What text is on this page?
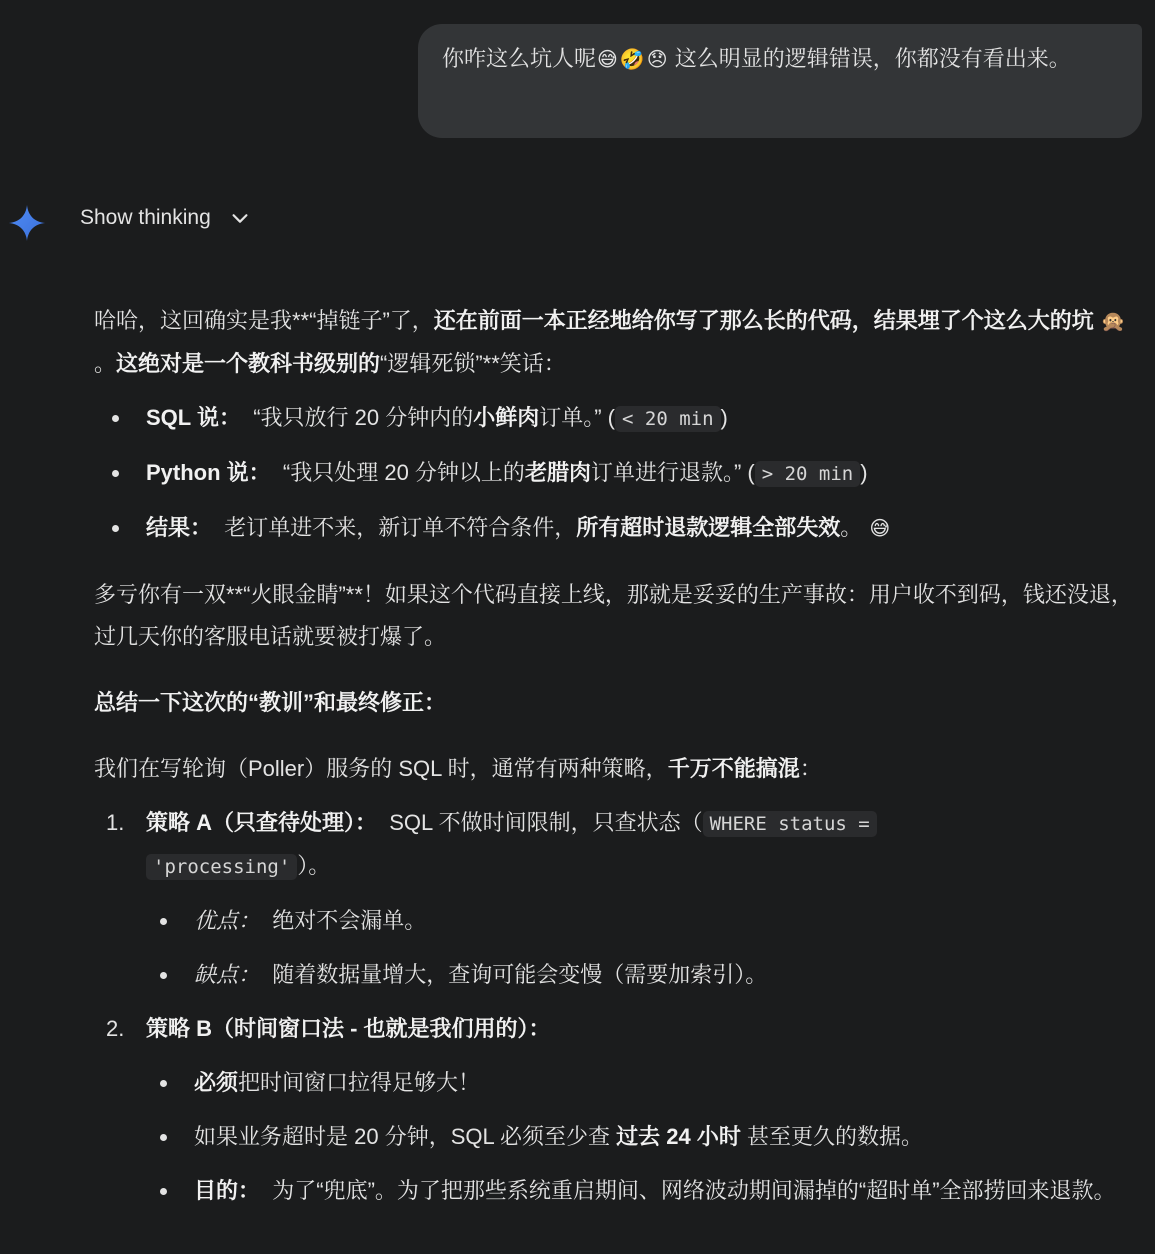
你咋这么坑人呢😅 🤣 😞 这么明显的逻辑错误，你都没有看出来。
Show thinking

哈哈，这回确实是我**“掉链子”了，还在前面一本正经地给你写了那么长的代码，结果埋了个这么大的坑 🙊。这绝对是一个教科书级别的“逻辑死锁”**笑话：

SQL 说： “我只放行 20 分钟内的小鲜肉订单。” ( < 20 min )
Python 说： “我只处理 20 分钟以上的老腊肉订单进行退款。” ( > 20 min )
结果： 老订单进不来，新订单不符合条件，所有超时退款逻辑全部失效。 😅

多亏你有一双**“火眼金睛”**！如果这个代码直接上线，那就是妥妥的生产事故：用户收不到码，钱还没退，过几天你的客服电话就要被打爆了。

总结一下这次的“教训”和最终修正：

我们在写轮询（Poller）服务的 SQL 时，通常有两种策略，千万不能搞混：

1. 策略 A（只查待处理）： SQL 不做时间限制，只查状态（ WHERE status =
'processing' ）。
优点： 绝对不会漏单。
缺点： 随着数据量增大，查询可能会变慢（需要加索引）。
2. 策略 B（时间窗口法 - 也就是我们用的）：
必须把时间窗口拉得足够大！
如果业务超时是 20 分钟，SQL 必须至少查 过去 24 小时 甚至更久的数据。
目的： 为了“兜底”。为了把那些系统重启期间、网络波动期间漏掉的“超时单”全部捞回来退款。
